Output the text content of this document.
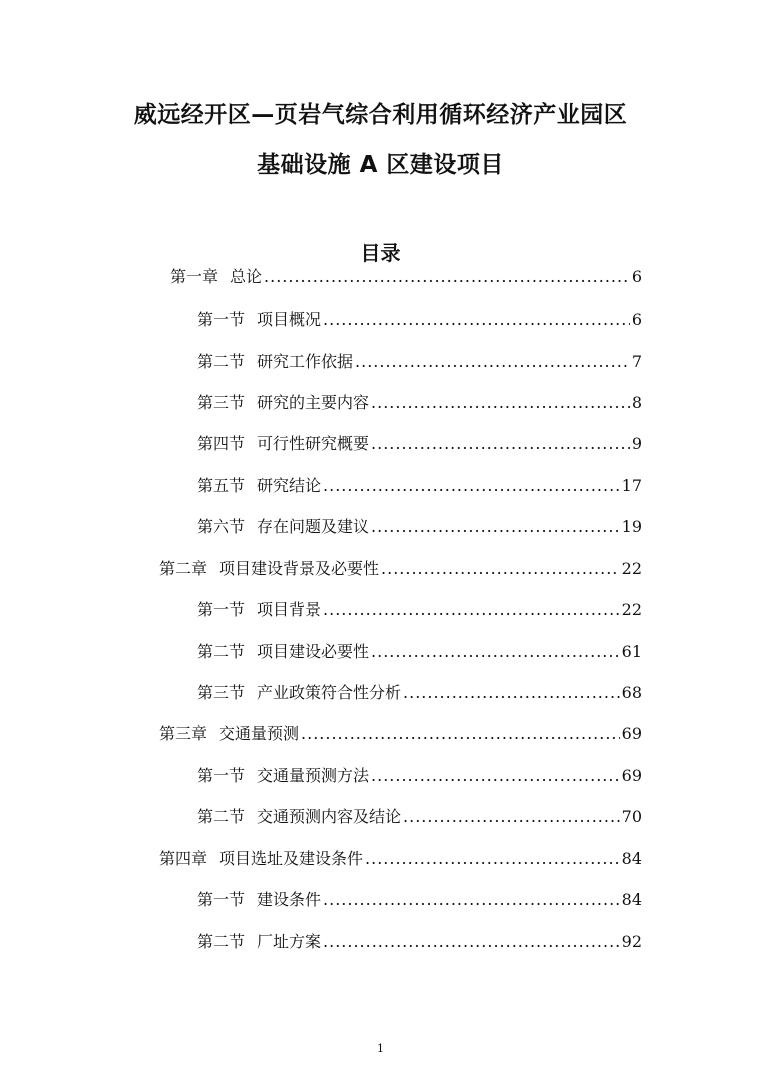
威远经开区—页岩气综合利用循环经济产业园区
基础设施 A 区建设项目
目录
第一章 总论 .....	6
第一节 项目概况 .....	6
第二节 研究工作依据 .....	7
第三节 研究的主要内容 .....	8
第四节 可行性研究概要 .....	9
第五节 研究结论 .....	17
第六节 存在问题及建议 .....	19
第二章 项目建设背景及必要性 .....	22
第一节 项目背景 .....	22
第二节 项目建设必要性 .....	61
第三节 产业政策符合性分析 .....	68
第三章 交通量预测 .....	69
第一节 交通量预测方法 .....	69
第二节 交通预测内容及结论 .....	70
第四章 项目选址及建设条件 .....	84
第一节 建设条件 .....	84
第二节 厂址方案 .....	92
1
